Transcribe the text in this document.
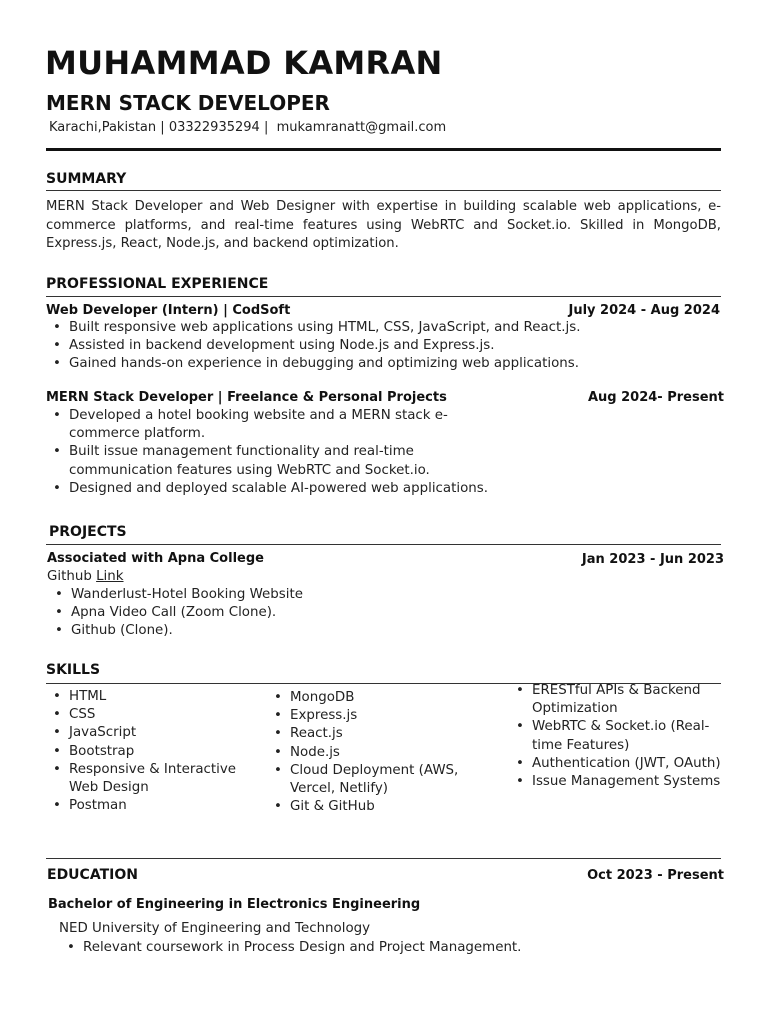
MUHAMMAD KAMRAN
MERN STACK DEVELOPER
Karachi,Pakistan | 03322935294 | mukamranatt@gmail.com
SUMMARY
MERN Stack Developer and Web Designer with expertise in building scalable web applications, e-commerce platforms, and real-time features using WebRTC and Socket.io. Skilled in MongoDB, Express.js, React, Node.js, and backend optimization.
PROFESSIONAL EXPERIENCE
Web Developer (Intern) | CodSoft	July 2024 - Aug 2024
• Built responsive web applications using HTML, CSS, JavaScript, and React.js.
• Assisted in backend development using Node.js and Express.js.
• Gained hands-on experience in debugging and optimizing web applications.
MERN Stack Developer | Freelance & Personal Projects	Aug 2024- Present
• Developed a hotel booking website and a MERN stack e-commerce platform.
• Built issue management functionality and real-time communication features using WebRTC and Socket.io.
• Designed and deployed scalable AI-powered web applications.
PROJECTS
Associated with Apna College	Jan 2023 - Jun 2023
Github Link
• Wanderlust-Hotel Booking Website
• Apna Video Call (Zoom Clone).
• Github (Clone).
SKILLS
• HTML
• CSS
• JavaScript
• Bootstrap
• Responsive & Interactive Web Design
• Postman
• MongoDB
• Express.js
• React.js
• Node.js
• Cloud Deployment (AWS, Vercel, Netlify)
• Git & GitHub
• ERESTful APIs & Backend Optimization
• WebRTC & Socket.io (Real-time Features)
• Authentication (JWT, OAuth)
• Issue Management Systems
EDUCATION	Oct 2023 - Present
Bachelor of Engineering in Electronics Engineering
NED University of Engineering and Technology
• Relevant coursework in Process Design and Project Management.
